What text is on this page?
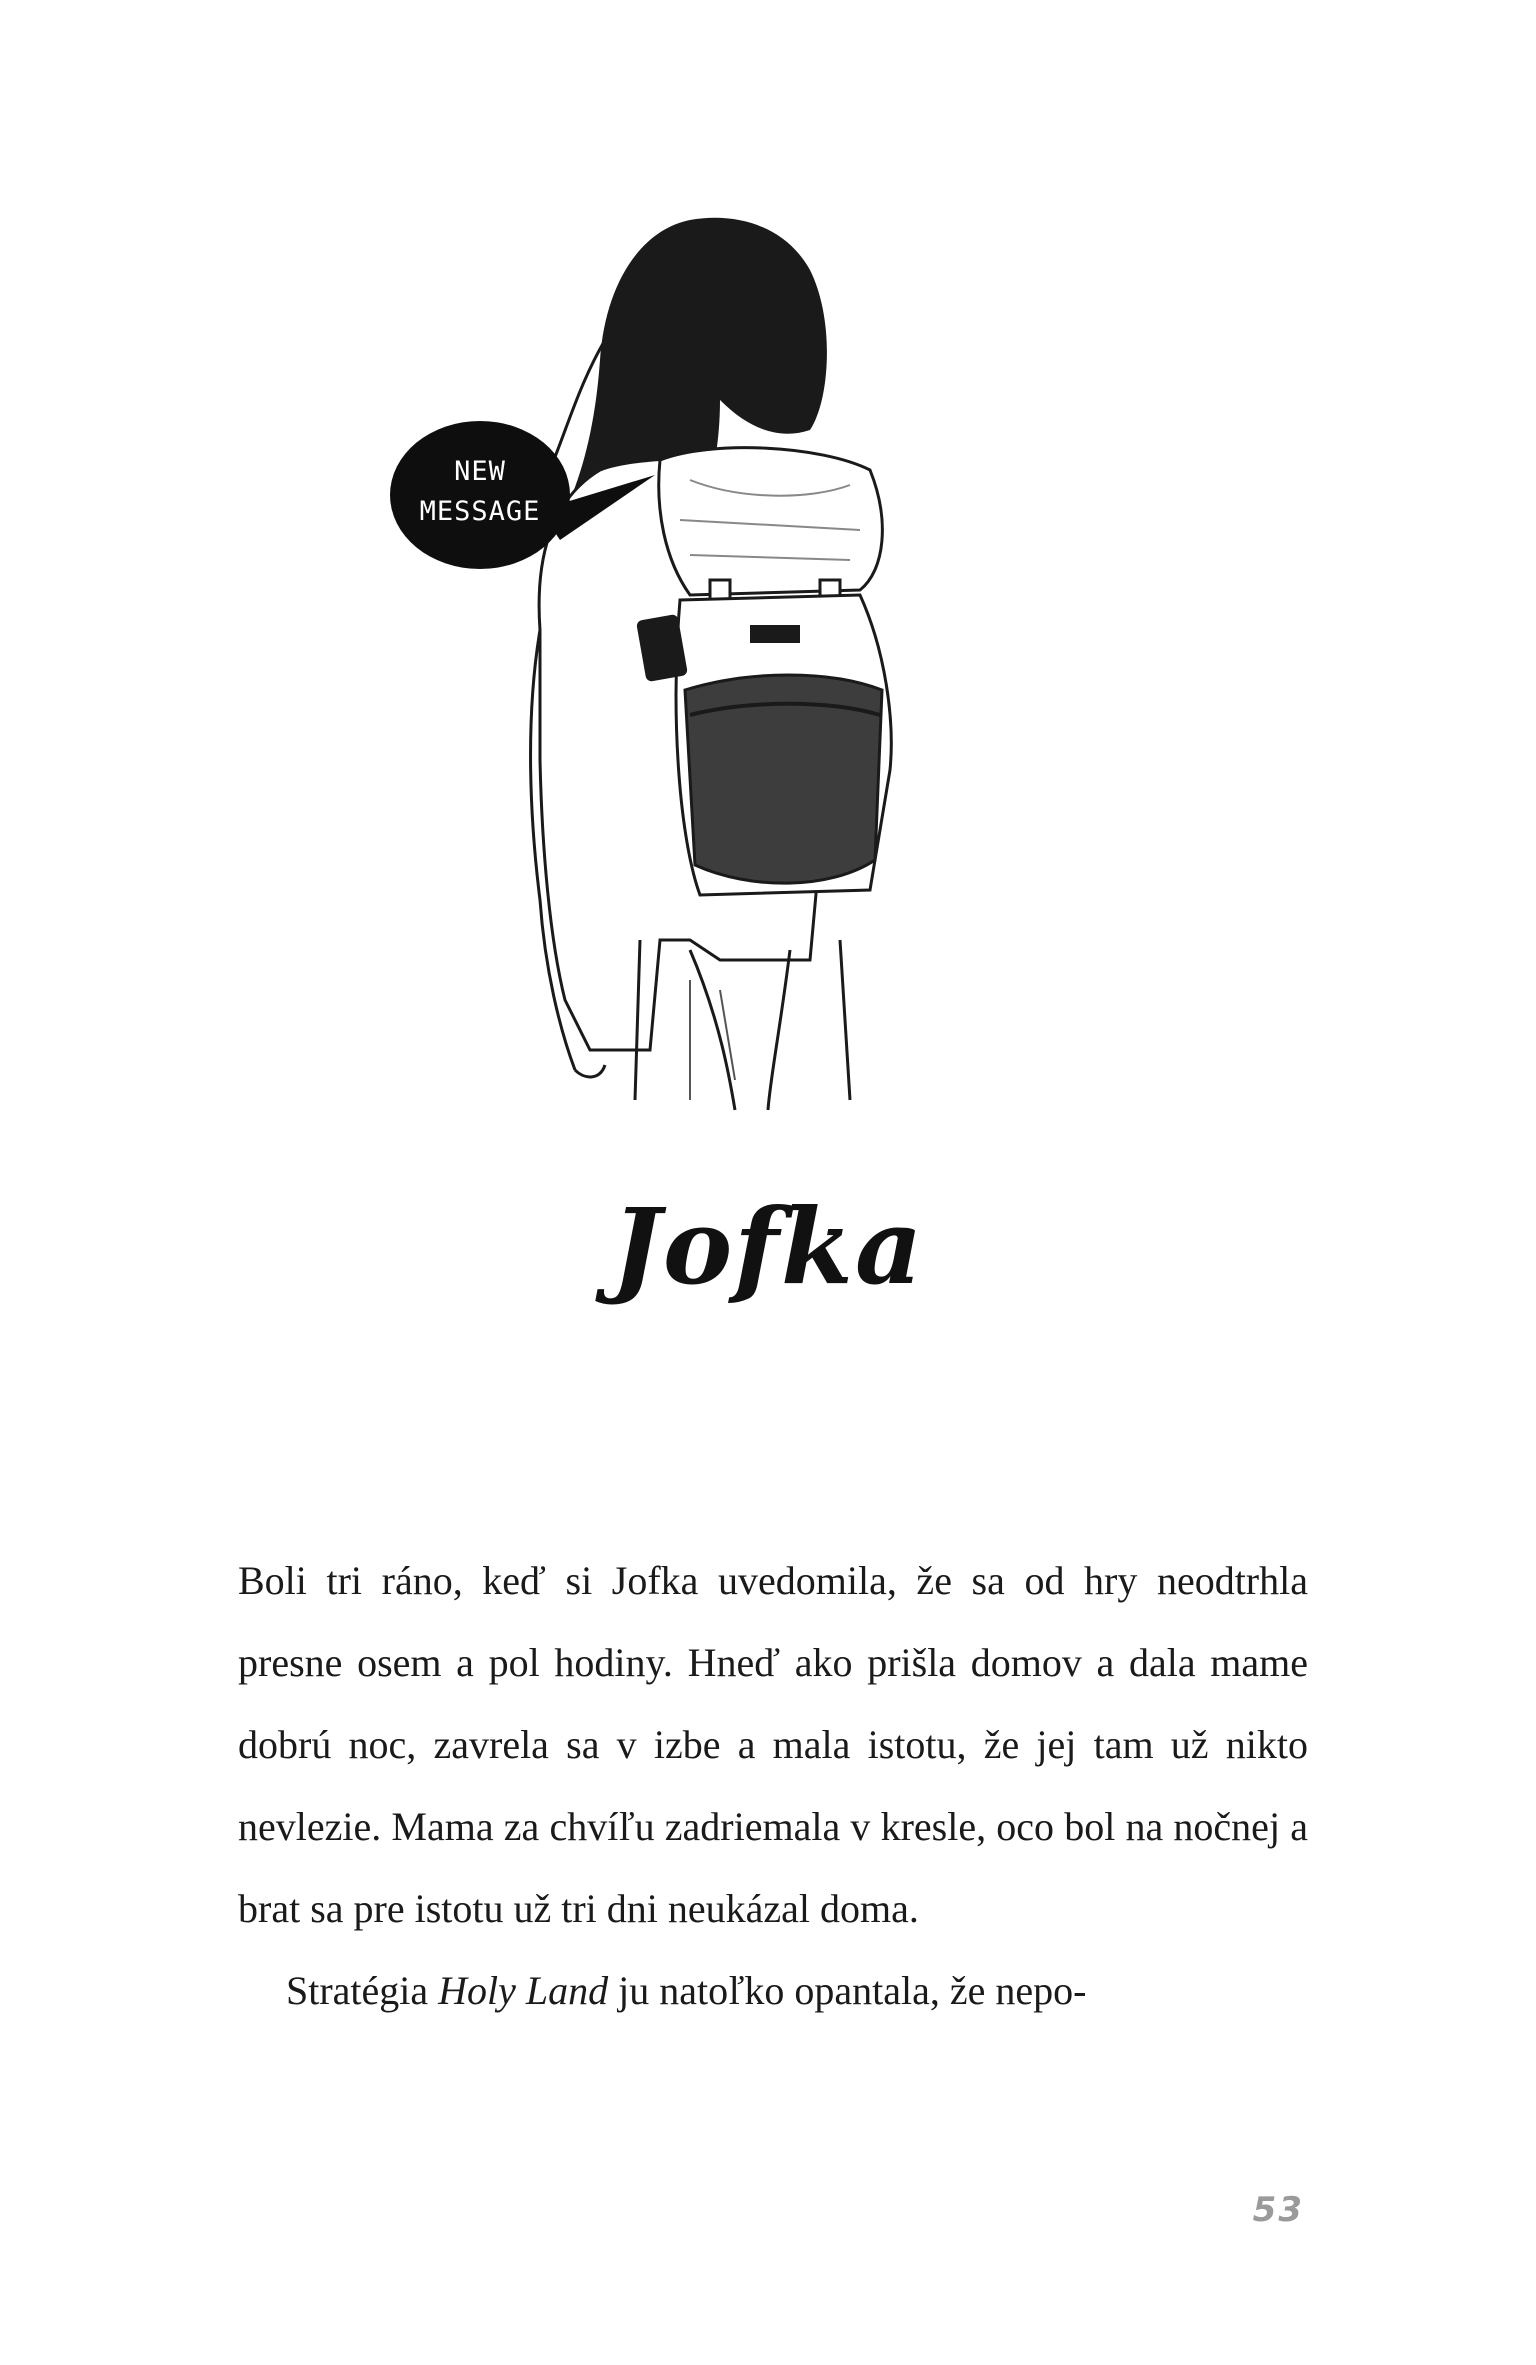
NEW
MESSAGE
Jofka

Boli tri ráno, keď si Jofka uvedomila, že sa od hry neodtrhla presne osem a pol hodiny. Hneď ako prišla domov a dala mame dobrú noc, zavrela sa v izbe a mala istotu, že jej tam už nikto nevlezie. Mama za chvíľu zadriemala v kresle, oco bol na nočnej a brat sa pre istotu už tri dni neukázal doma.

Stratégia Holy Land ju natoľko opantala, že nepo-

53
